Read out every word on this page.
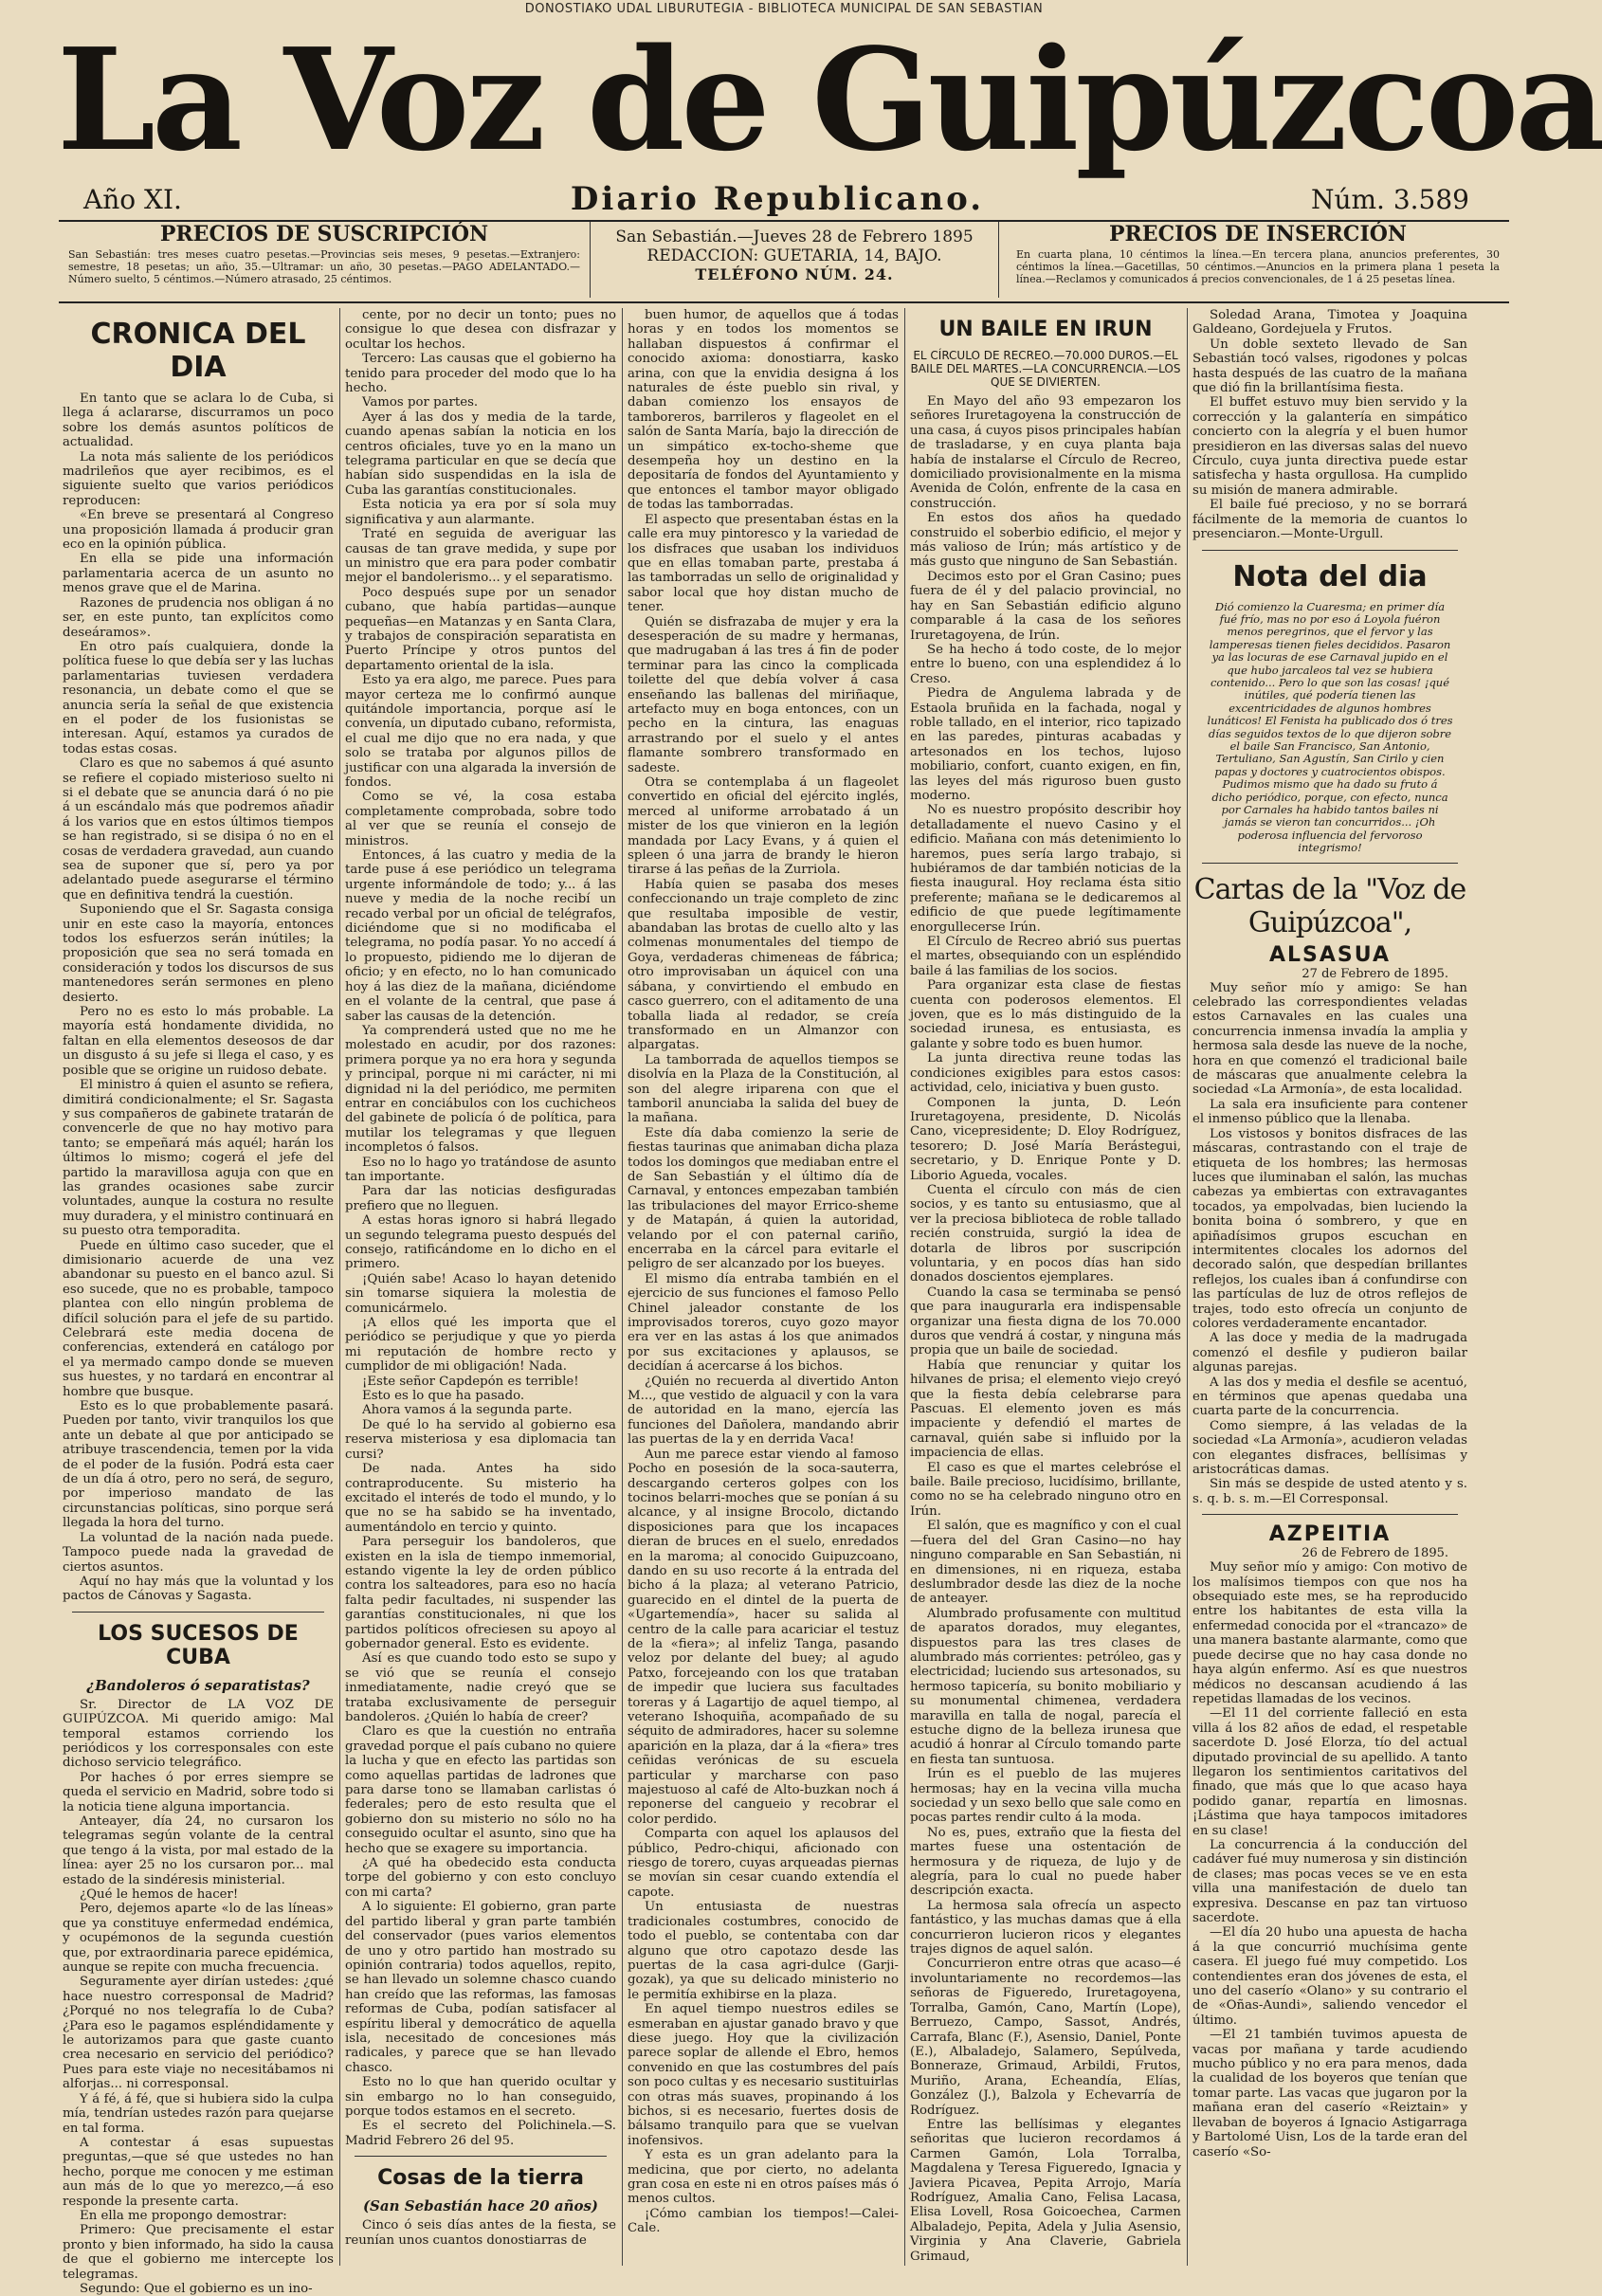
DONOSTIAKO UDAL LIBURUTEGIA - BIBLIOTECA MUNICIPAL DE SAN SEBASTIAN
La Voz de Guipúzcoa
Año XI.	Diario Republicano.	Núm. 3.589
PRECIOS DE SUSCRIPCIÓN
San Sebastián: tres meses cuatro pesetas.—Provincias seis meses, 9 pesetas.—Extranjero: semestre, 18 pesetas; un año, 35.—Ultramar: un año, 30 pesetas.—PAGO ADELANTADO.—Número suelto, 5 céntimos.—Número atrasado, 25 céntimos.
San Sebastián.—Jueves 28 de Febrero 1895
REDACCION: GUETARIA, 14, BAJO.
TELÉFONO NÚM. 24.
PRECIOS DE INSERCIÓN
En cuarta plana, 10 céntimos la línea.—En tercera plana, anuncios preferentes, 30 céntimos la línea.—Gacetillas, 50 céntimos.—Anuncios en la primera plana 1 peseta la línea.—Reclamos y comunicados á precios convencionales, de 1 á 25 pesetas línea.
CRONICA DEL DIA

En tanto que se aclara lo de Cuba, si llega á aclararse, discurramos un poco sobre los demás asuntos políticos de actualidad.

La nota más saliente de los periódicos madrileños que ayer recibimos, es el siguiente suelto que varios periódicos reproducen:

«En breve se presentará al Congreso una proposición llamada á producir gran eco en la opinión pública.

En ella se pide una información parlamentaria acerca de un asunto no menos grave que el de Marina.

Razones de prudencia nos obligan á no ser, en este punto, tan explícitos como deseáramos».

En otro país cualquiera, donde la política fuese lo que debía ser y las luchas parlamentarias tuviesen verdadera resonancia, un debate como el que se anuncia sería la señal de que existencia en el poder de los fusionistas se interesan. Aquí, estamos ya curados de todas estas cosas.

Claro es que no sabemos á qué asunto se refiere el copiado misterioso suelto ni si el debate que se anuncia dará ó no pie á un escándalo más que podremos añadir á los varios que en estos últimos tiempos se han registrado, si se disipa ó no en el cosas de verdadera gravedad, aun cuando sea de suponer que sí, pero ya por adelantado puede asegurarse el término que en definitiva tendrá la cuestión.

Suponiendo que el Sr. Sagasta consiga unir en este caso la mayoría, entonces todos los esfuerzos serán inútiles; la proposición que sea no será tomada en consideración y todos los discursos de sus mantenedores serán sermones en pleno desierto.

Pero no es esto lo más probable. La mayoría está hondamente dividida, no faltan en ella elementos deseosos de dar un disgusto á su jefe si llega el caso, y es posible que se origine un ruidoso debate.

El ministro á quien el asunto se refiera, dimitirá condicionalmente; el Sr. Sagasta y sus compañeros de gabinete tratarán de convencerle de que no hay motivo para tanto; se empeñará más aquél; harán los últimos lo mismo; cogerá el jefe del partido la maravillosa aguja con que en las grandes ocasiones sabe zurcir voluntades, aunque la costura no resulte muy duradera, y el ministro continuará en su puesto otra temporadita.

Puede en último caso suceder, que el dimisionario acuerde de una vez abandonar su puesto en el banco azul. Si eso sucede, que no es probable, tampoco plantea con ello ningún problema de difícil solución para el jefe de su partido. Celebrará este media docena de conferencias, extenderá en catálogo por el ya mermado campo donde se mueven sus huestes, y no tardará en encontrar al hombre que busque.

Esto es lo que probablemente pasará. Pueden por tanto, vivir tranquilos los que ante un debate al que por anticipado se atribuye trascendencia, temen por la vida de el poder de la fusión. Podrá esta caer de un día á otro, pero no será, de seguro, por imperioso mandato de las circunstancias políticas, sino porque será llegada la hora del turno.

La voluntad de la nación nada puede. Tampoco puede nada la gravedad de ciertos asuntos.

Aquí no hay más que la voluntad y los pactos de Cánovas y Sagasta.

LOS SUCESOS DE CUBA
¿Bandoleros ó separatistas?

Sr. Director de LA VOZ DE GUIPÚZCOA. Mi querido amigo: Mal temporal estamos corriendo los periódicos y los corresponsales con este dichoso servicio telegráfico.

Por haches ó por erres siempre se queda el servicio en Madrid, sobre todo si la noticia tiene alguna importancia.

Anteayer, día 24, no cursaron los telegramas según volante de la central que tengo á la vista, por mal estado de la línea: ayer 25 no los cursaron por... mal estado de la sindéresis ministerial.

¿Qué le hemos de hacer!

Pero, dejemos aparte «lo de las líneas» que ya constituye enfermedad endémica, y ocupémonos de la segunda cuestión que, por extraordinaria parece epidémica, aunque se repite con mucha frecuencia.

Seguramente ayer dirían ustedes: ¿qué hace nuestro corresponsal de Madrid? ¿Porqué no nos telegrafía lo de Cuba? ¿Para eso le pagamos espléndidamente y le autorizamos para que gaste cuanto crea necesario en servicio del periódico? Pues para este viaje no necesitábamos ni alforjas... ni corresponsal.

Y á fé, á fé, que si hubiera sido la culpa mía, tendrían ustedes razón para quejarse en tal forma.

A contestar á esas supuestas preguntas,—que sé que ustedes no han hecho, porque me conocen y me estiman aun más de lo que yo merezco,—á eso responde la presente carta.

En ella me propongo demostrar:

Primero: Que precisamente el estar pronto y bien informado, ha sido la causa de que el gobierno me intercepte los telegramas.

Segundo: Que el gobierno es un ino-

cente, por no decir un tonto; pues no consigue lo que desea con disfrazar y ocultar los hechos.

Tercero: Las causas que el gobierno ha tenido para proceder del modo que lo ha hecho.

Vamos por partes.

Ayer á las dos y media de la tarde, cuando apenas sabían la noticia en los centros oficiales, tuve yo en la mano un telegrama particular en que se decía que habían sido suspendidas en la isla de Cuba las garantías constitucionales.

Esta noticia ya era por sí sola muy significativa y aun alarmante.

Traté en seguida de averiguar las causas de tan grave medida, y supe por un ministro que era para poder combatir mejor el bandolerismo... y el separatismo.

Poco después supe por un senador cubano, que había partidas—aunque pequeñas—en Matanzas y en Santa Clara, y trabajos de conspiración separatista en Puerto Príncipe y otros puntos del departamento oriental de la isla.

Esto ya era algo, me parece. Pues para mayor certeza me lo confirmó aunque quitándole importancia, porque así le convenía, un diputado cubano, reformista, el cual me dijo que no era nada, y que solo se trataba por algunos pillos de justificar con una algarada la inversión de fondos.

Como se vé, la cosa estaba completamente comprobada, sobre todo al ver que se reunía el consejo de ministros.

Entonces, á las cuatro y media de la tarde puse á ese periódico un telegrama urgente informándole de todo; y... á las nueve y media de la noche recibí un recado verbal por un oficial de telégrafos, diciéndome que si no modificaba el telegrama, no podía pasar. Yo no accedí á lo propuesto, pidiendo me lo dijeran de oficio; y en efecto, no lo han comunicado hoy á las diez de la mañana, diciéndome en el volante de la central, que pase á saber las causas de la detención.

Ya comprenderá usted que no me he molestado en acudir, por dos razones: primera porque ya no era hora y segunda y principal, porque ni mi carácter, ni mi dignidad ni la del periódico, me permiten entrar en conciábulos con los cuchicheos del gabinete de policía ó de política, para mutilar los telegramas y que lleguen incompletos ó falsos.

Eso no lo hago yo tratándose de asunto tan importante.

Para dar las noticias desfiguradas prefiero que no lleguen.

A estas horas ignoro si habrá llegado un segundo telegrama puesto después del consejo, ratificándome en lo dicho en el primero.

¡Quién sabe! Acaso lo hayan detenido sin tomarse siquiera la molestia de comunicármelo.

¡A ellos qué les importa que el periódico se perjudique y que yo pierda mi reputación de hombre recto y cumplidor de mi obligación! Nada.

¡Este señor Capdepón es terrible!

Esto es lo que ha pasado.

Ahora vamos á la segunda parte.

De qué lo ha servido al gobierno esa reserva misteriosa y esa diplomacia tan cursi?

De nada. Antes ha sido contraproducente. Su misterio ha excitado el interés de todo el mundo, y lo que no se ha sabido se ha inventado, aumentándolo en tercio y quinto.

Para perseguir los bandoleros, que existen en la isla de tiempo inmemorial, estando vigente la ley de orden público contra los salteadores, para eso no hacía falta pedir facultades, ni suspender las garantías constitucionales, ni que los partidos políticos ofreciesen su apoyo al gobernador general. Esto es evidente.

Así es que cuando todo esto se supo y se vió que se reunía el consejo inmediatamente, nadie creyó que se trataba exclusivamente de perseguir bandoleros. ¿Quién lo había de creer?

Claro es que la cuestión no entraña gravedad porque el país cubano no quiere la lucha y que en efecto las partidas son como aquellas partidas de ladrones que para darse tono se llamaban carlistas ó federales; pero de esto resulta que el gobierno don su misterio no sólo no ha conseguido ocultar el asunto, sino que ha hecho que se exagere su importancia.

¿A qué ha obedecido esta conducta torpe del gobierno y con esto concluyo con mi carta?

A lo siguiente: El gobierno, gran parte del partido liberal y gran parte también del conservador (pues varios elementos de uno y otro partido han mostrado su opinión contraria) todos aquellos, repito, se han llevado un solemne chasco cuando han creído que las reformas, las famosas reformas de Cuba, podían satisfacer al espíritu liberal y democrático de aquella isla, necesitado de concesiones más radicales, y parece que se han llevado chasco.

Esto no lo que han querido ocultar y sin embargo no lo han conseguido, porque todos estamos en el secreto.

Es el secreto del Polichinela.—S. Madrid Febrero 26 del 95.

Cosas de la tierra
(San Sebastián hace 20 años)

Cinco ó seis días antes de la fiesta, se reunían unos cuantos donostiarras de

buen humor, de aquellos que á todas horas y en todos los momentos se hallaban dispuestos á confirmar el conocido axioma: donostiarra, kasko arina, con que la envidia designa á los naturales de éste pueblo sin rival, y daban comienzo los ensayos de tamboreros, barrileros y flageolet en el salón de Santa María, bajo la dirección de un simpático ex-tocho-sheme que desempeña hoy un destino en la depositaría de fondos del Ayuntamiento y que entonces el tambor mayor obligado de todas las tamborradas.

El aspecto que presentaban éstas en la calle era muy pintoresco y la variedad de los disfraces que usaban los individuos que en ellas tomaban parte, prestaba á las tamborradas un sello de originalidad y sabor local que hoy distan mucho de tener.

Quién se disfrazaba de mujer y era la desesperación de su madre y hermanas, que madrugaban á las tres á fin de poder terminar para las cinco la complicada toilette del que debía volver á casa enseñando las ballenas del miriñaque, artefacto muy en boga entonces, con un pecho en la cintura, las enaguas arrastrando por el suelo y el antes flamante sombrero transformado en sadeste.

Otra se contemplaba á un flageolet convertido en oficial del ejército inglés, merced al uniforme arrobatado á un mister de los que vinieron en la legión mandada por Lacy Evans, y á quien el spleen ó una jarra de brandy le hieron tirarse á las peñas de la Zurriola.

Había quien se pasaba dos meses confeccionando un traje completo de zinc que resultaba imposible de vestir, abandaban las brotas de cuello alto y las colmenas monumentales del tiempo de Goya, verdaderas chimeneas de fábrica; otro improvisaban un áquicel con una sábana, y convirtiendo el embudo en casco guerrero, con el aditamento de una toballa liada al redador, se creía transformado en un Almanzor con alpargatas.

La tamborrada de aquellos tiempos se disolvía en la Plaza de la Constitución, al son del alegre iriparena con que el tamboril anunciaba la salida del buey de la mañana.

Este día daba comienzo la serie de fiestas taurinas que animaban dicha plaza todos los domingos que mediaban entre el de San Sebastián y el último día de Carnaval, y entonces empezaban también las tribulaciones del mayor Errico-sheme y de Matapán, á quien la autoridad, velando por el con paternal cariño, encerraba en la cárcel para evitarle el peligro de ser alcanzado por los bueyes.

El mismo día entraba también en el ejercicio de sus funciones el famoso Pello Chinel jaleador constante de los improvisados toreros, cuyo gozo mayor era ver en las astas á los que animados por sus excitaciones y aplausos, se decidían á acercarse á los bichos.

¿Quién no recuerda al divertido Anton M..., que vestido de alguacil y con la vara de autoridad en la mano, ejercía las funciones del Dañolera, mandando abrir las puertas de la y en derrida Vaca!

Aun me parece estar viendo al famoso Pocho en posesión de la soca-sauterra, descargando certeros golpes con los tocinos belarri-moches que se ponían á su alcance, y al insigne Brocolo, dictando disposiciones para que los incapaces dieran de bruces en el suelo, enredados en la maroma; al conocido Guipuzcoano, dando en su uso recorte á la entrada del bicho á la plaza; al veterano Patricio, guarecido en el dintel de la puerta de «Ugartemendía», hacer su salida al centro de la calle para acariciar el testuz de la «fiera»; al infeliz Tanga, pasando veloz por delante del buey; al agudo Patxo, forcejeando con los que trataban de impedir que luciera sus facultades toreras y á Lagartijo de aquel tiempo, al veterano Ishoquiña, acompañado de su séquito de admiradores, hacer su solemne aparición en la plaza, dar á la «fiera» tres ceñidas verónicas de su escuela particular y marcharse con paso majestuoso al café de Alto-buzkan noch á reponerse del cangueio y recobrar el color perdido.

Comparta con aquel los aplausos del público, Pedro-chiqui, aficionado con riesgo de torero, cuyas arqueadas piernas se movían sin cesar cuando extendía el capote.

Un entusiasta de nuestras tradicionales costumbres, conocido de todo el pueblo, se contentaba con dar alguno que otro capotazo desde las puertas de la casa agri-dulce (Garji-gozak), ya que su delicado ministerio no le permitía exhibirse en la plaza.

En aquel tiempo nuestros ediles se esmeraban en ajustar ganado bravo y que diese juego. Hoy que la civilización parece soplar de allende el Ebro, hemos convenido en que las costumbres del país son poco cultas y es necesario sustituirlas con otras más suaves, propinando á los bichos, si es necesario, fuertes dosis de bálsamo tranquilo para que se vuelvan inofensivos.

Y esta es un gran adelanto para la medicina, que por cierto, no adelanta gran cosa en este ni en otros países más ó menos cultos.

¡Cómo cambian los tiempos!—Calei-Cale.

UN BAILE EN IRUN
EL CÍRCULO DE RECREO.—70.000 DUROS.—EL BAILE DEL MARTES.—LA CONCURRENCIA.—LOS QUE SE DIVIERTEN.

En Mayo del año 93 empezaron los señores Iruretagoyena la construcción de una casa, á cuyos pisos principales habían de trasladarse, y en cuya planta baja había de instalarse el Círculo de Recreo, domiciliado provisionalmente en la misma Avenida de Colón, enfrente de la casa en construcción.

En estos dos años ha quedado construido el soberbio edificio, el mejor y más valioso de Irún; más artístico y de más gusto que ninguno de San Sebastián.

Decimos esto por el Gran Casino; pues fuera de él y del palacio provincial, no hay en San Sebastián edificio alguno comparable á la casa de los señores Iruretagoyena, de Irún.

Se ha hecho á todo coste, de lo mejor entre lo bueno, con una esplendidez á lo Creso.

Piedra de Angulema labrada y de Estaola bruñida en la fachada, nogal y roble tallado, en el interior, rico tapizado en las paredes, pinturas acabadas y artesonados en los techos, lujoso mobiliario, confort, cuanto exigen, en fin, las leyes del más riguroso buen gusto moderno.

No es nuestro propósito describir hoy detalladamente el nuevo Casino y el edificio. Mañana con más detenimiento lo haremos, pues sería largo trabajo, si hubiéramos de dar también noticias de la fiesta inaugural. Hoy reclama ésta sitio preferente; mañana se le dedicaremos al edificio de que puede legítimamente enorgullecerse Irún.

El Círculo de Recreo abrió sus puertas el martes, obsequiando con un espléndido baile á las familias de los socios.

Para organizar esta clase de fiestas cuenta con poderosos elementos. El joven, que es lo más distinguido de la sociedad irunesa, es entusiasta, es galante y sobre todo es buen humor.

La junta directiva reune todas las condiciones exigibles para estos casos: actividad, celo, iniciativa y buen gusto.

Componen la junta, D. León Iruretagoyena, presidente, D. Nicolás Cano, vicepresidente; D. Eloy Rodríguez, tesorero; D. José María Berástegui, secretario, y D. Enrique Ponte y D. Liborio Agueda, vocales.

Cuenta el círculo con más de cien socios, y es tanto su entusiasmo, que al ver la preciosa biblioteca de roble tallado recién construida, surgió la idea de dotarla de libros por suscripción voluntaria, y en pocos días han sido donados doscientos ejemplares.

Cuando la casa se terminaba se pensó que para inaugurarla era indispensable organizar una fiesta digna de los 70.000 duros que vendrá á costar, y ninguna más propia que un baile de sociedad.

Había que renunciar y quitar los hilvanes de prisa; el elemento viejo creyó que la fiesta debía celebrarse para Pascuas. El elemento joven es más impaciente y defendió el martes de carnaval, quién sabe si influido por la impaciencia de ellas.

El caso es que el martes celebróse el baile. Baile precioso, lucidísimo, brillante, como no se ha celebrado ninguno otro en Irún.

El salón, que es magnífico y con el cual—fuera del del Gran Casino—no hay ninguno comparable en San Sebastián, ni en dimensiones, ni en riqueza, estaba deslumbrador desde las diez de la noche de anteayer.

Alumbrado profusamente con multitud de aparatos dorados, muy elegantes, dispuestos para las tres clases de alumbrado más corrientes: petróleo, gas y electricidad; luciendo sus artesonados, su hermoso tapicería, su bonito mobiliario y su monumental chimenea, verdadera maravilla en talla de nogal, parecía el estuche digno de la belleza irunesa que acudió á honrar al Círculo tomando parte en fiesta tan suntuosa.

Irún es el pueblo de las mujeres hermosas; hay en la vecina villa mucha sociedad y un sexo bello que sale como en pocas partes rendir culto á la moda.

No es, pues, extraño que la fiesta del martes fuese una ostentación de hermosura y de riqueza, de lujo y de alegría, para lo cual no puede haber descripción exacta.

La hermosa sala ofrecía un aspecto fantástico, y las muchas damas que á ella concurrieron lucieron ricos y elegantes trajes dignos de aquel salón.

Concurrieron entre otras que acaso—é involuntariamente no recordemos—las señoras de Figueredo, Iruretagoyena, Torralba, Gamón, Cano, Martín (Lope), Berruezo, Campo, Sassot, Andrés, Carrafa, Blanc (F.), Asensio, Daniel, Ponte (E.), Albaladejo, Salamero, Sepúlveda, Bonneraze, Grimaud, Arbildi, Frutos, Muriño, Arana, Echeandía, Elías, González (J.), Balzola y Echevarría de Rodríguez.

Entre las bellísimas y elegantes señoritas que lucieron recordamos á Carmen Gamón, Lola Torralba, Magdalena y Teresa Figueredo, Ignacia y Javiera Picavea, Pepita Arrojo, María Rodríguez, Amalia Cano, Felisa Lacasa, Elisa Lovell, Rosa Goicoechea, Carmen Albaladejo, Pepita, Adela y Julia Asensio, Virginia y Ana Claverie, Gabriela Grimaud,

Soledad Arana, Timotea y Joaquina Galdeano, Gordejuela y Frutos.

Un doble sexteto llevado de San Sebastián tocó valses, rigodones y polcas hasta después de las cuatro de la mañana que dió fin la brillantísima fiesta.

El buffet estuvo muy bien servido y la corrección y la galantería en simpático concierto con la alegría y el buen humor presidieron en las diversas salas del nuevo Círculo, cuya junta directiva puede estar satisfecha y hasta orgullosa. Ha cumplido su misión de manera admirable.

El baile fué precioso, y no se borrará fácilmente de la memoria de cuantos lo presenciaron.—Monte-Urgull.

Nota del dia
Dió comienzo la Cuaresma; en primer día fué frío, mas no por eso á Loyola fuéron menos peregrinos, que el fervor y las lamperesas tienen fieles decididos. Pasaron ya las locuras de ese Carnaval jupido en el que hubo jarcaleos tal vez se hubiera contenido... Pero lo que son las cosas! ¡qué inútiles, qué podería tienen las excentricidades de algunos hombres lunáticos! El Fenista ha publicado dos ó tres días seguidos textos de lo que dijeron sobre el baile San Francisco, San Antonio, Tertuliano, San Agustín, San Cirilo y cien papas y doctores y cuatrocientos obispos. Pudimos mismo que ha dado su fruto á dicho periódico, porque, con efecto, nunca por Carnales ha habido tantos bailes ni jamás se vieron tan concurridos... ¡Oh poderosa influencia del fervoroso integrismo!
Cartas de la "Voz de Guipúzcoa",
ALSASUA
27 de Febrero de 1895.

Muy señor mío y amigo: Se han celebrado las correspondientes veladas estos Carnavales en las cuales una concurrencia inmensa invadía la amplia y hermosa sala desde las nueve de la noche, hora en que comenzó el tradicional baile de máscaras que anualmente celebra la sociedad «La Armonía», de esta localidad.

La sala era insuficiente para contener el inmenso público que la llenaba.

Los vistosos y bonitos disfraces de las máscaras, contrastando con el traje de etiqueta de los hombres; las hermosas luces que iluminaban el salón, las muchas cabezas ya embiertas con extravagantes tocados, ya empolvadas, bien luciendo la bonita boina ó sombrero, y que en apiñadísimos grupos escuchan en intermitentes clocales los adornos del decorado salón, que despedían brillantes reflejos, los cuales iban á confundirse con las partículas de luz de otros reflejos de trajes, todo esto ofrecía un conjunto de colores verdaderamente encantador.

A las doce y media de la madrugada comenzó el desfile y pudieron bailar algunas parejas.

A las dos y media el desfile se acentuó, en términos que apenas quedaba una cuarta parte de la concurrencia.

Como siempre, á las veladas de la sociedad «La Armonía», acudieron veladas con elegantes disfraces, bellísimas y aristocráticas damas.

Sin más se despide de usted atento y s. s. q. b. s. m.—El Corresponsal.

AZPEITIA
26 de Febrero de 1895.

Muy señor mío y amigo: Con motivo de los malísimos tiempos con que nos ha obsequiado este mes, se ha reproducido entre los habitantes de esta villa la enfermedad conocida por el «trancazo» de una manera bastante alarmante, como que puede decirse que no hay casa donde no haya algún enfermo. Así es que nuestros médicos no descansan acudiendo á las repetidas llamadas de los vecinos.

—El 11 del corriente falleció en esta villa á los 82 años de edad, el respetable sacerdote D. José Elorza, tío del actual diputado provincial de su apellido. A tanto llegaron los sentimientos caritativos del finado, que más que lo que acaso haya podido ganar, repartía en limosnas. ¡Lástima que haya tampocos imitadores en su clase!

La concurrencia á la conducción del cadáver fué muy numerosa y sin distinción de clases; mas pocas veces se ve en esta villa una manifestación de duelo tan expresiva. Descanse en paz tan virtuoso sacerdote.

—El día 20 hubo una apuesta de hacha á la que concurrió muchísima gente casera. El juego fué muy competido. Los contendientes eran dos jóvenes de esta, el uno del caserío «Olano» y su contrario el de «Oñas-Aundi», saliendo vencedor el último.

—El 21 también tuvimos apuesta de vacas por mañana y tarde acudiendo mucho público y no era para menos, dada la cualidad de los boyeros que tenían que tomar parte. Las vacas que jugaron por la mañana eran del caserío «Reiztain» y llevaban de boyeros á Ignacio Astigarraga y Bartolomé Uisn, Los de la tarde eran del caserío «So-
